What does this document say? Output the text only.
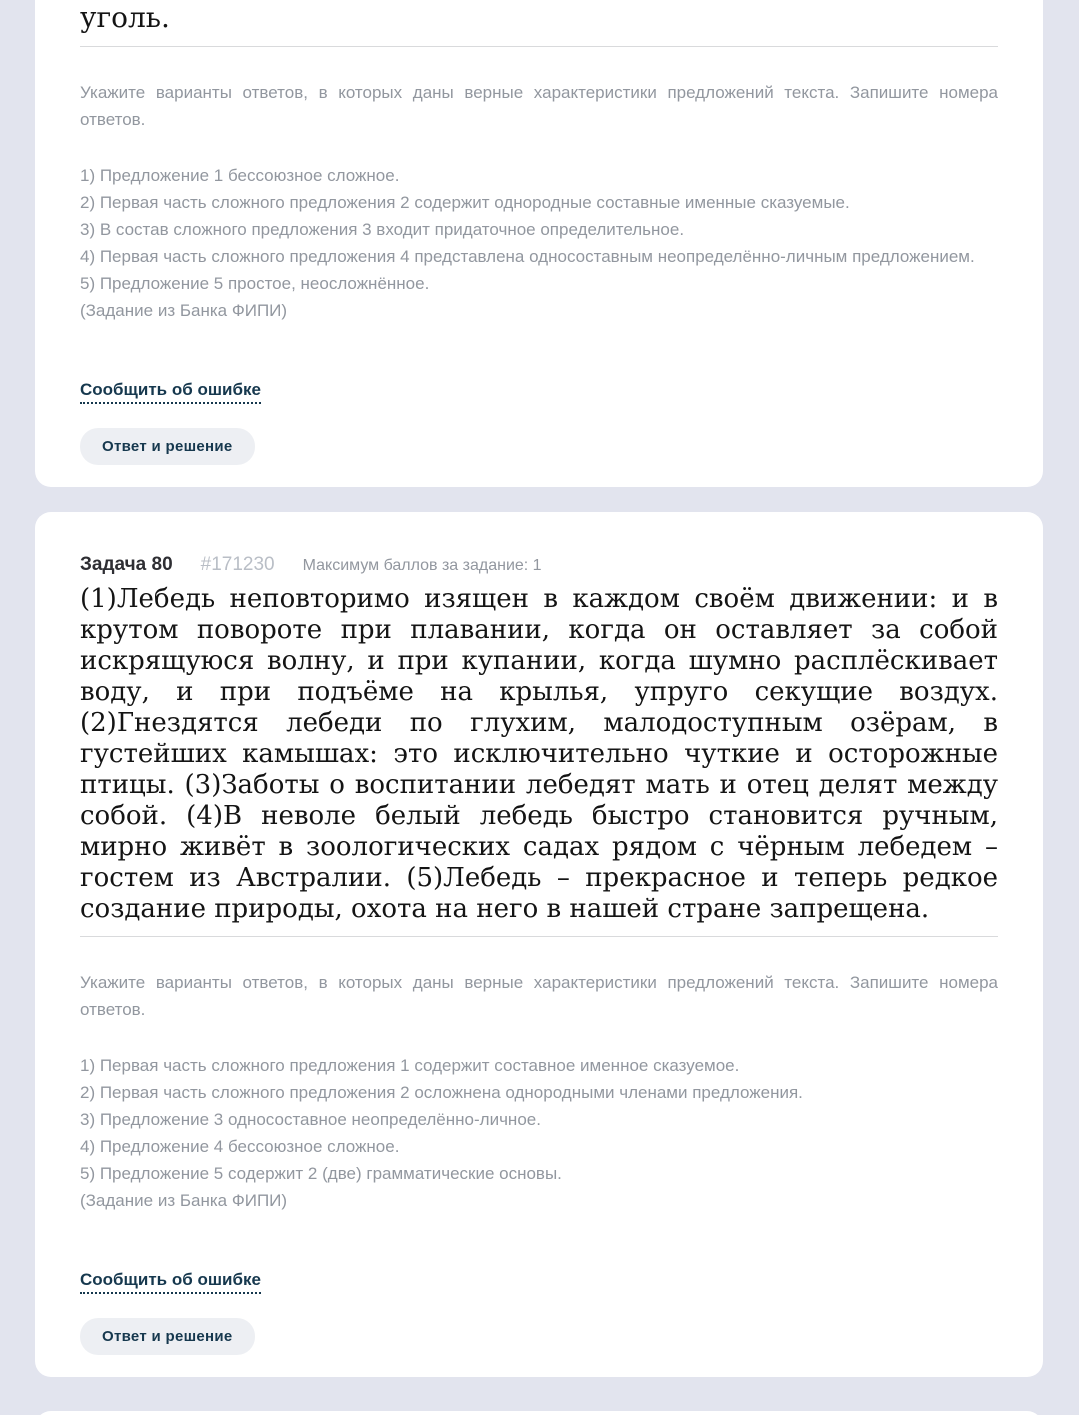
уголь.

Укажите варианты ответов, в которых даны верные характеристики предложений текста. Запишите номера ответов.

1) Предложение 1 бессоюзное сложное.

2) Первая часть сложного предложения 2 содержит однородные составные именные сказуемые.

3) В состав сложного предложения 3 входит придаточное определительное.

4) Первая часть сложного предложения 4 представлена односоставным неопределённо-личным предложением.

5) Предложение 5 простое, неосложнённое.

(Задание из Банка ФИПИ)

Сообщить об ошибке
Ответ и решение
Задача 80 #171230 Максимум баллов за задание: 1

(1)Лебедь неповторимо изящен в каждом своём движении: и в крутом повороте при плавании, когда он оставляет за собой искрящуюся волну, и при купании, когда шумно расплёскивает воду, и при подъёме на крылья, упруго секущие воздух. (2)Гнездятся лебеди по глухим, малодоступным озёрам, в густейших камышах: это исключительно чуткие и осторожные птицы. (3)Заботы о воспитании лебедят мать и отец делят между собой. (4)В неволе белый лебедь быстро становится ручным, мирно живёт в зоологических садах рядом с чёрным лебедем – гостем из Австралии. (5)Лебедь – прекрасное и теперь редкое создание природы, охота на него в нашей стране запрещена.

Укажите варианты ответов, в которых даны верные характеристики предложений текста. Запишите номера ответов.

1) Первая часть сложного предложения 1 содержит составное именное сказуемое.

2) Первая часть сложного предложения 2 осложнена однородными членами предложения.

3) Предложение 3 односоставное неопределённо-личное.

4) Предложение 4 бессоюзное сложное.

5) Предложение 5 содержит 2 (две) грамматические основы.

(Задание из Банка ФИПИ)

Сообщить об ошибке
Ответ и решение
